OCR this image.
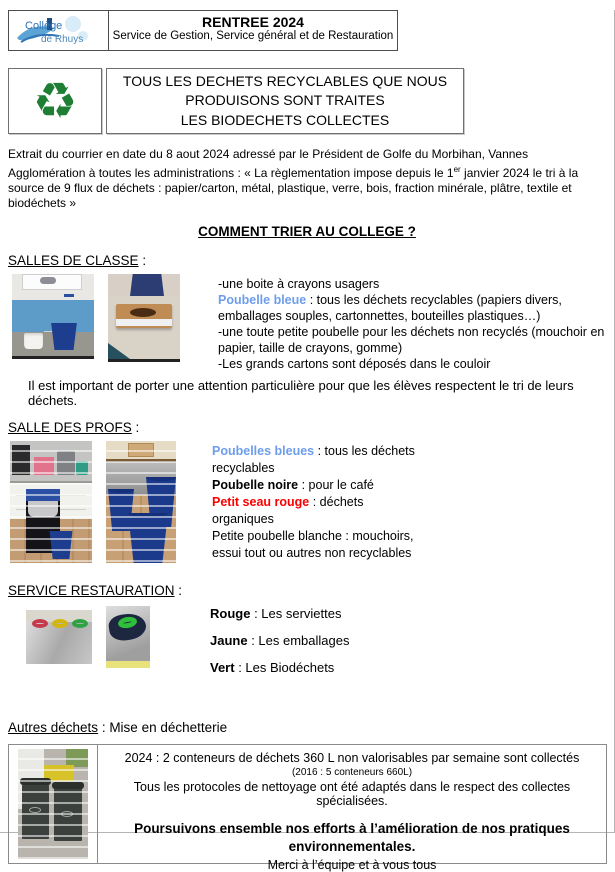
Collège
de Rhuys
RENTREE 2024
Service de Gestion, Service général et de Restauration
♻	TOUS LES DECHETS RECYCLABLES QUE NOUS
PRODUISONS SONT TRAITES
LES BIODECHETS COLLECTES

Extrait du courrier en date du 8 aout 2024 adressé par le Président de Golfe du Morbihan, Vannes Agglomération à toutes les administrations : « La règlementation impose depuis le 1er janvier 2024 le tri à la source de 9 flux de déchets : papier/carton, métal, plastique, verre, bois, fraction minérale, plâtre, textile et biodéchets »

COMMENT TRIER AU COLLEGE ?
SALLES DE CLASSE :
-une boite à crayons usagers
Poubelle bleue : tous les déchets recyclables (papiers divers, emballages souples, cartonnettes, bouteilles plastiques…)
-une toute petite poubelle pour les déchets non recyclés (mouchoir en papier, taille de crayons, gomme)
-Les grands cartons sont déposés dans le couloir
Il est important de porter une attention particulière pour que les élèves respectent le tri de leurs déchets.
SALLE DES PROFS :
Poubelles bleues : tous les déchets recyclables
Poubelle noire : pour le café
Petit seau rouge : déchets organiques
Petite poubelle blanche : mouchoirs, essui tout ou autres non recyclables
SERVICE RESTAURATION :
Rouge : Les serviettes
Jaune : Les emballages
Vert : Les Biodéchets
Autres déchets : Mise en déchetterie
2024 : 2 conteneurs de déchets 360 L non valorisables par semaine sont collectés
(2016 : 5 conteneurs 660L)
Tous les protocoles de nettoyage ont été adaptés dans le respect des collectes spécialisées.
Poursuivons ensemble nos efforts à l’amélioration de nos pratiques environnementales.
Merci à l’équipe et à vous tous
